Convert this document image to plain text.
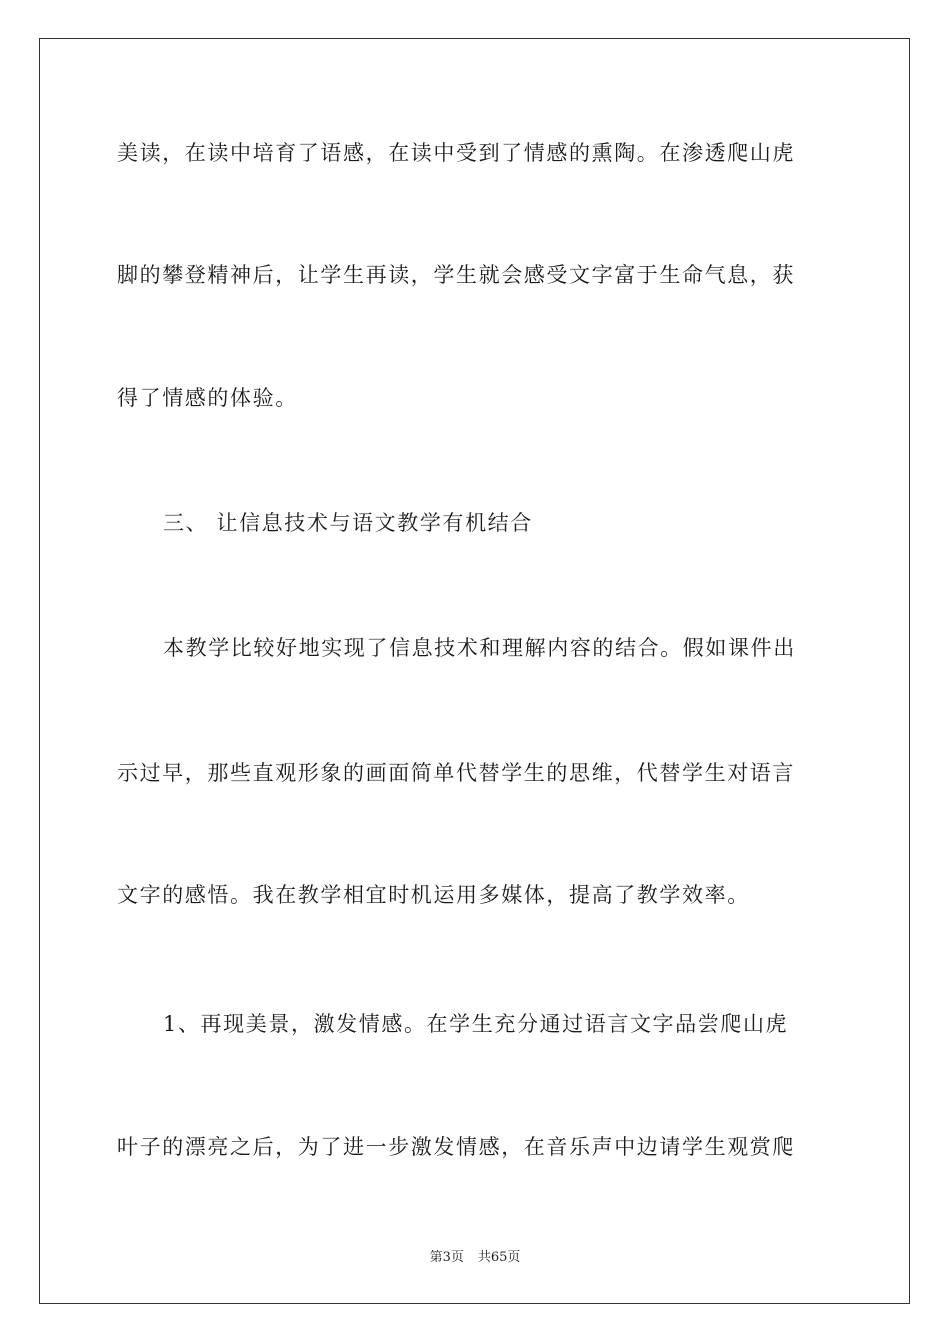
美读，在读中培育了语感，在读中受到了情感的熏陶。在渗透爬山虎
脚的攀登精神后，让学生再读，学生就会感受文字富于生命气息，获
得了情感的体验。
三、 让信息技术与语文教学有机结合
本教学比较好地实现了信息技术和理解内容的结合。假如课件出
示过早，那些直观形象的画面简单代替学生的思维，代替学生对语言
文字的感悟。我在教学相宜时机运用多媒体，提高了教学效率。
1、再现美景，激发情感。在学生充分通过语言文字品尝爬山虎
叶子的漂亮之后，为了进一步激发情感，在音乐声中边请学生观赏爬
第3页 共65页
